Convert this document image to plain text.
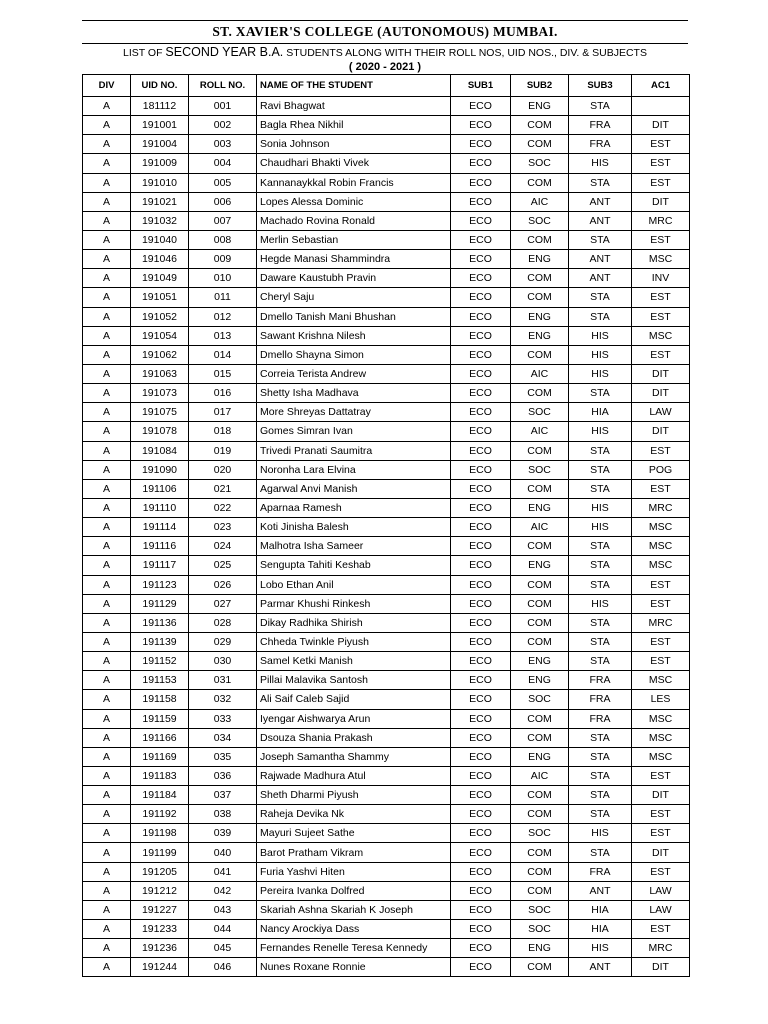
ST. XAVIER'S COLLEGE (AUTONOMOUS) MUMBAI.
LIST OF SECOND YEAR B.A. STUDENTS ALONG WITH THEIR ROLL NOS, UID NOS., DIV. & SUBJECTS
( 2020 - 2021 )
DIV	UID NO.	ROLL NO.	NAME OF THE STUDENT	SUB1	SUB2	SUB3	AC1
A	181112	001	Ravi Bhagwat	ECO	ENG	STA	
A	191001	002	Bagla Rhea Nikhil	ECO	COM	FRA	DIT
A	191004	003	Sonia Johnson	ECO	COM	FRA	EST
A	191009	004	Chaudhari Bhakti Vivek	ECO	SOC	HIS	EST
A	191010	005	Kannanaykkal Robin Francis	ECO	COM	STA	EST
A	191021	006	Lopes Alessa Dominic	ECO	AIC	ANT	DIT
A	191032	007	Machado Rovina Ronald	ECO	SOC	ANT	MRC
A	191040	008	Merlin Sebastian	ECO	COM	STA	EST
A	191046	009	Hegde Manasi Shammindra	ECO	ENG	ANT	MSC
A	191049	010	Daware Kaustubh Pravin	ECO	COM	ANT	INV
A	191051	011	Cheryl Saju	ECO	COM	STA	EST
A	191052	012	Dmello Tanish Mani Bhushan	ECO	ENG	STA	EST
A	191054	013	Sawant Krishna Nilesh	ECO	ENG	HIS	MSC
A	191062	014	Dmello Shayna Simon	ECO	COM	HIS	EST
A	191063	015	Correia Terista Andrew	ECO	AIC	HIS	DIT
A	191073	016	Shetty Isha Madhava	ECO	COM	STA	DIT
A	191075	017	More Shreyas Dattatray	ECO	SOC	HIA	LAW
A	191078	018	Gomes Simran Ivan	ECO	AIC	HIS	DIT
A	191084	019	Trivedi Pranati Saumitra	ECO	COM	STA	EST
A	191090	020	Noronha Lara Elvina	ECO	SOC	STA	POG
A	191106	021	Agarwal Anvi Manish	ECO	COM	STA	EST
A	191110	022	Aparnaa Ramesh	ECO	ENG	HIS	MRC
A	191114	023	Koti Jinisha Balesh	ECO	AIC	HIS	MSC
A	191116	024	Malhotra Isha Sameer	ECO	COM	STA	MSC
A	191117	025	Sengupta Tahiti Keshab	ECO	ENG	STA	MSC
A	191123	026	Lobo Ethan Anil	ECO	COM	STA	EST
A	191129	027	Parmar Khushi Rinkesh	ECO	COM	HIS	EST
A	191136	028	Dikay Radhika Shirish	ECO	COM	STA	MRC
A	191139	029	Chheda Twinkle Piyush	ECO	COM	STA	EST
A	191152	030	Samel Ketki Manish	ECO	ENG	STA	EST
A	191153	031	Pillai Malavika Santosh	ECO	ENG	FRA	MSC
A	191158	032	Ali Saif Caleb Sajid	ECO	SOC	FRA	LES
A	191159	033	Iyengar Aishwarya Arun	ECO	COM	FRA	MSC
A	191166	034	Dsouza Shania Prakash	ECO	COM	STA	MSC
A	191169	035	Joseph Samantha Shammy	ECO	ENG	STA	MSC
A	191183	036	Rajwade Madhura Atul	ECO	AIC	STA	EST
A	191184	037	Sheth Dharmi Piyush	ECO	COM	STA	DIT
A	191192	038	Raheja Devika Nk	ECO	COM	STA	EST
A	191198	039	Mayuri Sujeet Sathe	ECO	SOC	HIS	EST
A	191199	040	Barot Pratham Vikram	ECO	COM	STA	DIT
A	191205	041	Furia Yashvi Hiten	ECO	COM	FRA	EST
A	191212	042	Pereira Ivanka Dolfred	ECO	COM	ANT	LAW
A	191227	043	Skariah Ashna Skariah K Joseph	ECO	SOC	HIA	LAW
A	191233	044	Nancy Arockiya Dass	ECO	SOC	HIA	EST
A	191236	045	Fernandes Renelle Teresa Kennedy	ECO	ENG	HIS	MRC
A	191244	046	Nunes Roxane Ronnie	ECO	COM	ANT	DIT
